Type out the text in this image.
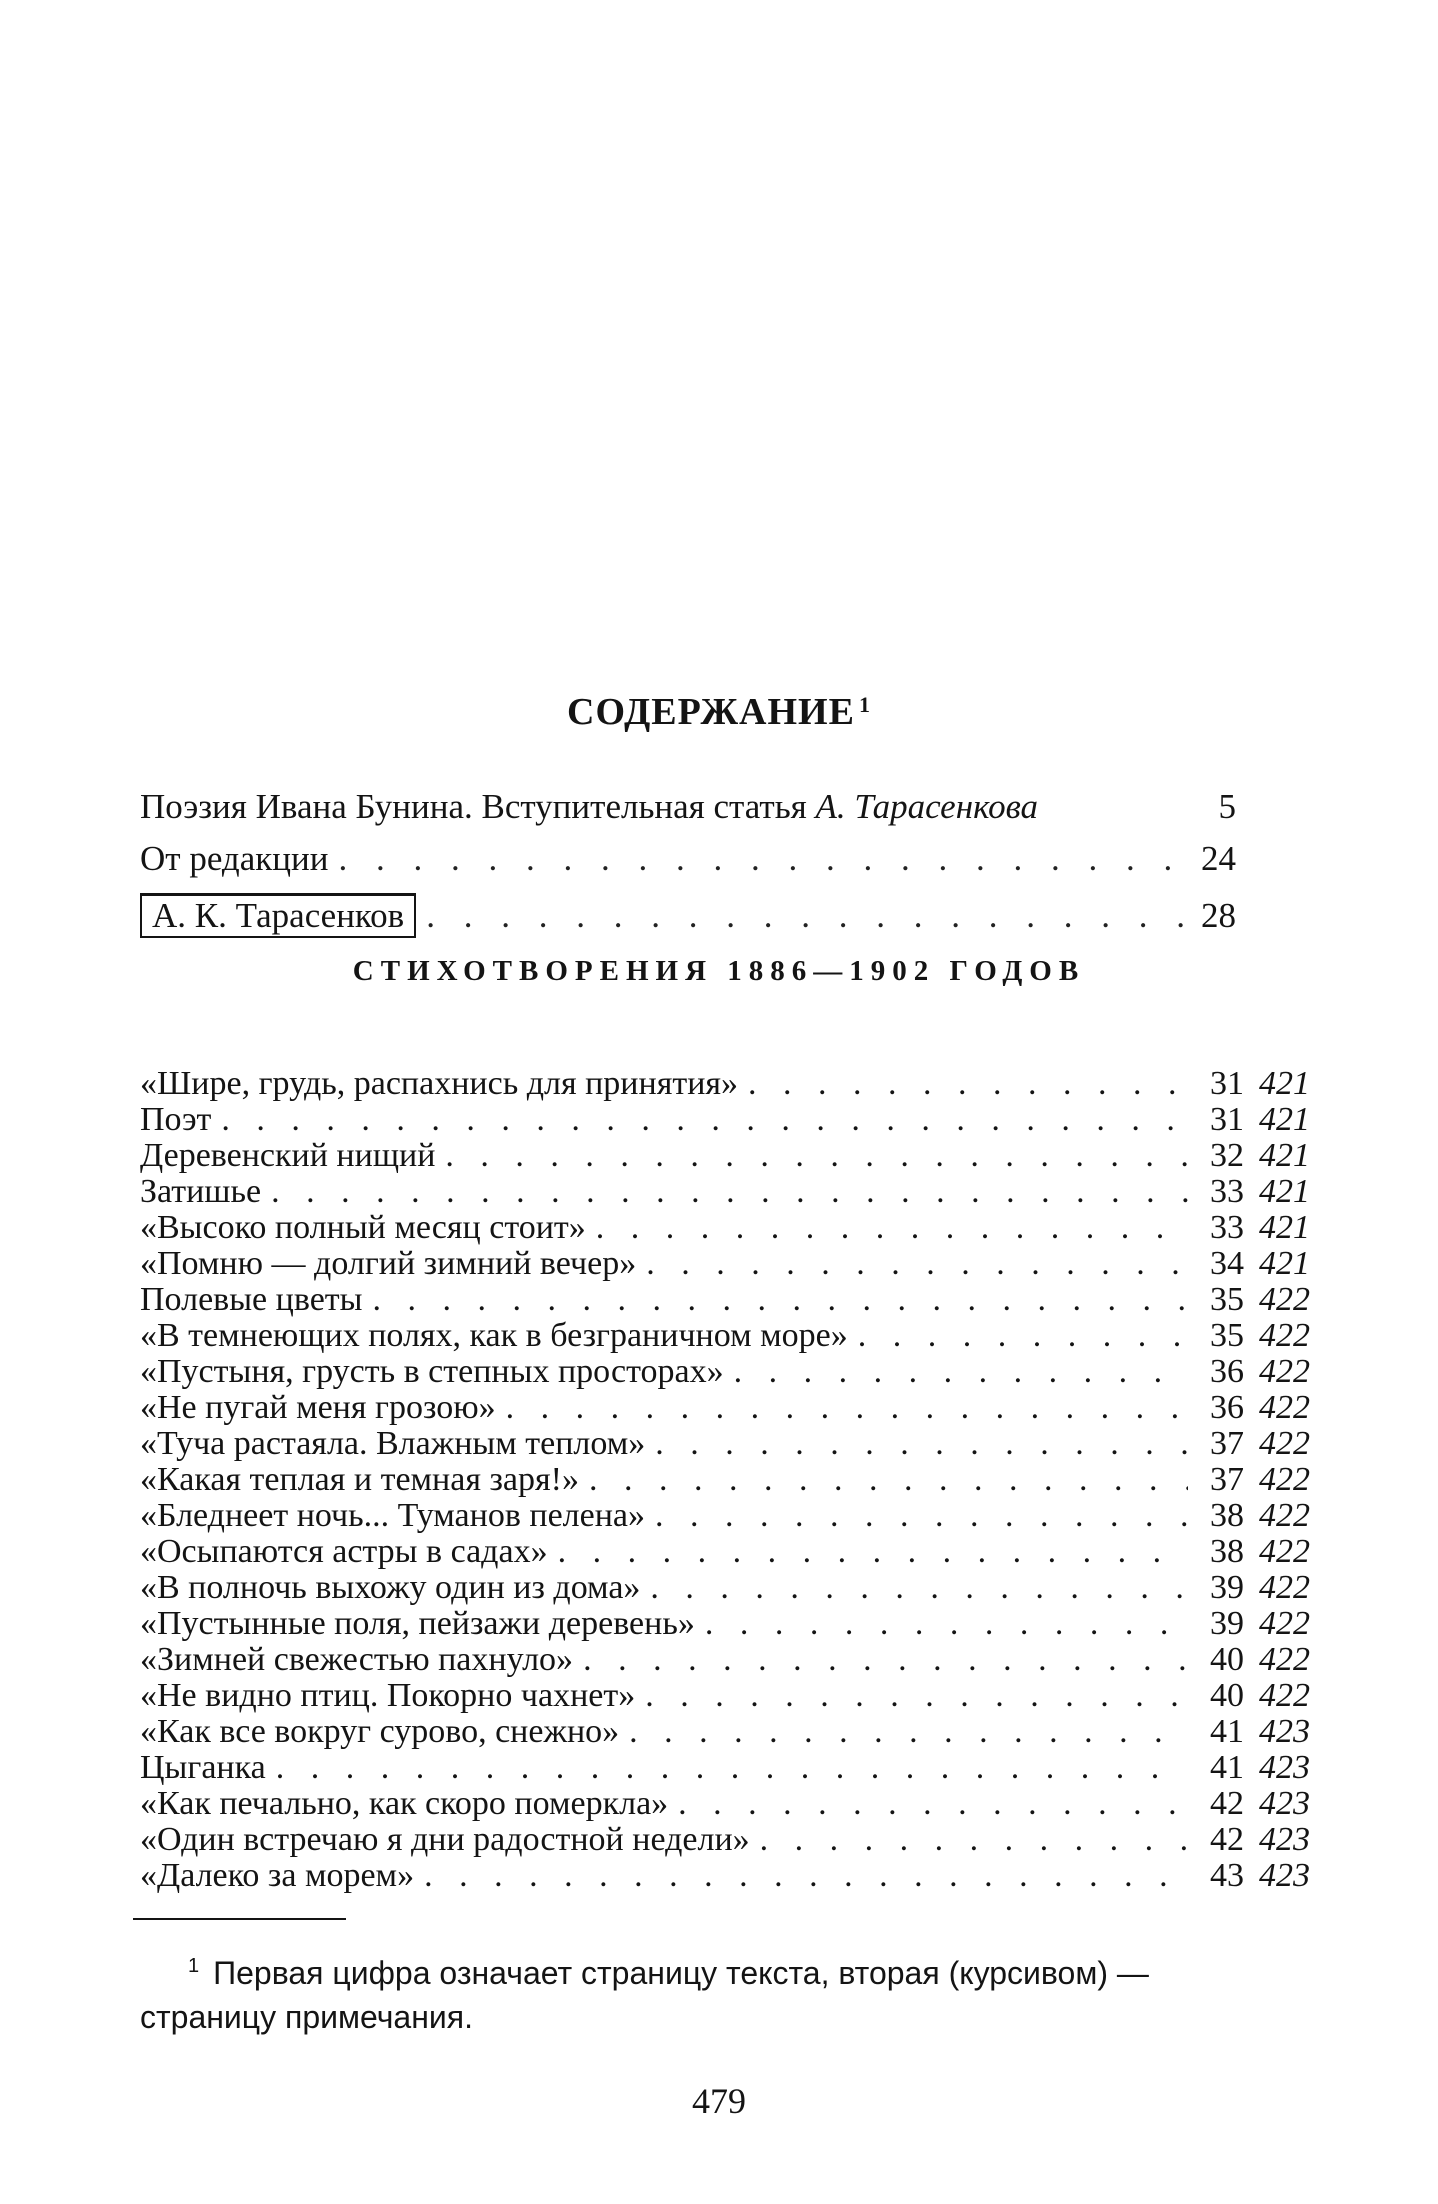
СОДЕРЖАНИЕ $^1$
Поэзия Ивана Бунина. Вступительная статья А. Тарасенкова	5
От редакции . . .	24
А. К. Тарасенков . . .	28
СТИХОТВОРЕНИЯ 1886—1902 ГОДОВ
«Шире, грудь, распахнись для принятия» . . .	31 421
Поэт . . .	31 421
Деревенский нищий . . .	32 421
Затишье . . .	33 421
«Высоко полный месяц стоит» . . .	33 421
«Помню — долгий зимний вечер» . . .	34 421
Полевые цветы . . .	35 422
«В темнеющих полях, как в безграничном море» . . .	35 422
«Пустыня, грусть в степных просторах» . . .	36 422
«Не пугай меня грозою» . . .	36 422
«Туча растаяла. Влажным теплом» . . .	37 422
«Какая теплая и темная заря!» . . .	37 422
«Бледнеет ночь... Туманов пелена» . . .	38 422
«Осыпаются астры в садах» . . .	38 422
«В полночь выхожу один из дома» . . .	39 422
«Пустынные поля, пейзажи деревень» . . .	39 422
«Зимней свежестью пахнуло» . . .	40 422
«Не видно птиц. Покорно чахнет» . . .	40 422
«Как все вокруг сурово, снежно» . . .	41 423
Цыганка . . .	41 423
«Как печально, как скоро померкла» . . .	42 423
«Один встречаю я дни радостной недели» . . .	42 423
«Далеко за морем» . . .	43 423
$^1$ Первая цифра означает страницу текста, вторая (курсивом) —
страницу примечания.
479
